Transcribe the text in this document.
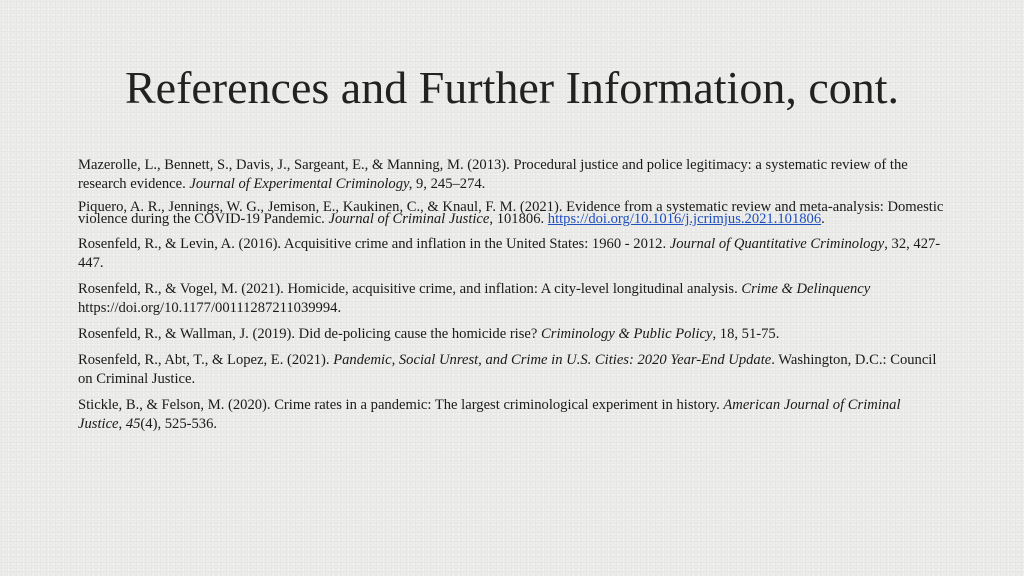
References and Further Information, cont.

Mazerolle, L., Bennett, S., Davis, J., Sargeant, E., & Manning, M. (2013). Procedural justice and police legitimacy: a systematic review of the research evidence. Journal of Experimental Criminology, 9, 245–274.

Piquero, A. R., Jennings, W. G., Jemison, E., Kaukinen, C., & Knaul, F. M. (2021). Evidence from a systematic review and meta-analysis: Domestic violence during the COVID-19 Pandemic. Journal of Criminal Justice, 101806. https://doi.org/10.1016/j.jcrimjus.2021.101806.

Rosenfeld, R., & Levin, A. (2016). Acquisitive crime and inflation in the United States: 1960 - 2012. Journal of Quantitative Criminology, 32, 427-447.

Rosenfeld, R., & Vogel, M. (2021). Homicide, acquisitive crime, and inflation: A city-level longitudinal analysis. Crime & Delinquency https://doi.org/10.1177/00111287211039994.

Rosenfeld, R., & Wallman, J. (2019). Did de-policing cause the homicide rise? Criminology & Public Policy, 18, 51-75.

Rosenfeld, R., Abt, T., & Lopez, E. (2021). Pandemic, Social Unrest, and Crime in U.S. Cities: 2020 Year-End Update. Washington, D.C.: Council on Criminal Justice.

Stickle, B., & Felson, M. (2020). Crime rates in a pandemic: The largest criminological experiment in history. American Journal of Criminal Justice, 45(4), 525-536.
